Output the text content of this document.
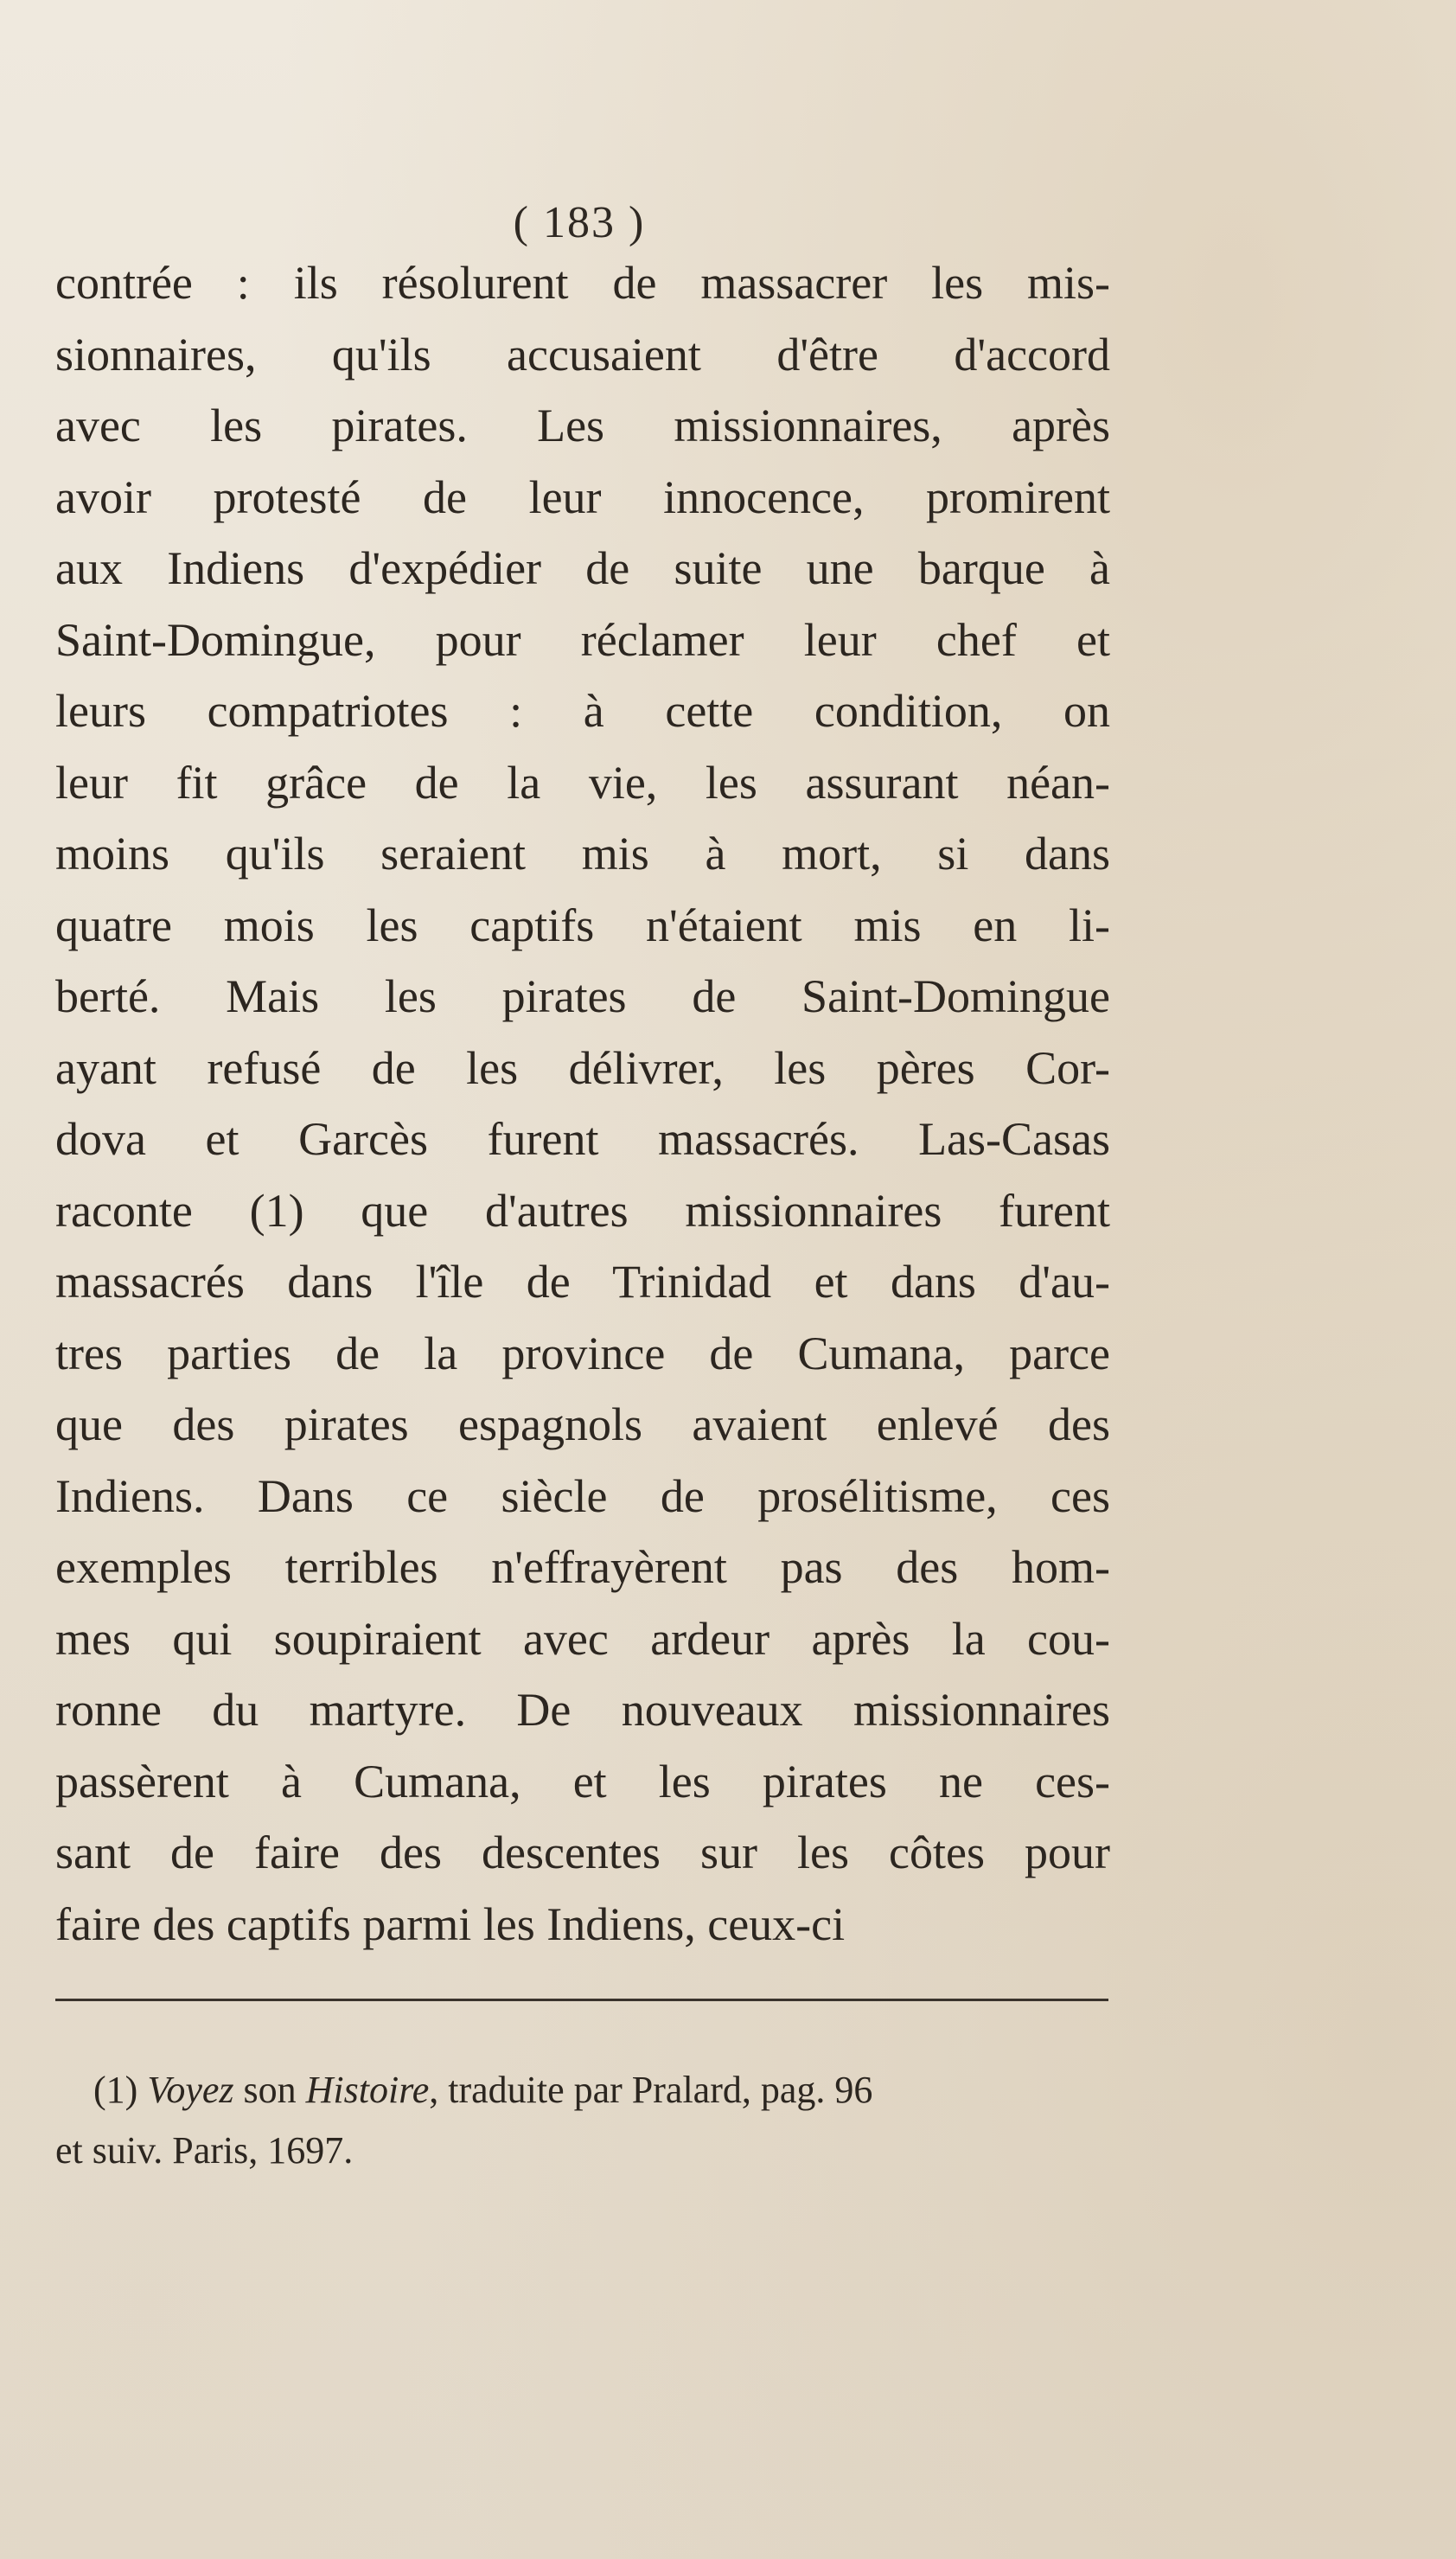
( 183 )
contrée : ils résolurent de massacrer les mis-
sionnaires, qu'ils accusaient d'être d'accord
avec les pirates. Les missionnaires, après
avoir protesté de leur innocence, promirent
aux Indiens d'expédier de suite une barque à
Saint-Domingue, pour réclamer leur chef et
leurs compatriotes : à cette condition, on
leur fit grâce de la vie, les assurant néan-
moins qu'ils seraient mis à mort, si dans
quatre mois les captifs n'étaient mis en li-
berté. Mais les pirates de Saint-Domingue
ayant refusé de les délivrer, les pères Cor-
dova et Garcès furent massacrés. Las-Casas
raconte (1) que d'autres missionnaires furent
massacrés dans l'île de Trinidad et dans d'au-
tres parties de la province de Cumana, parce
que des pirates espagnols avaient enlevé des
Indiens. Dans ce siècle de prosélitisme, ces
exemples terribles n'effrayèrent pas des hom-
mes qui soupiraient avec ardeur après la cou-
ronne du martyre. De nouveaux missionnaires
passèrent à Cumana, et les pirates ne ces-
sant de faire des descentes sur les côtes pour
faire des captifs parmi les Indiens, ceux-ci
(1) Voyez son Histoire, traduite par Pralard, pag. 96
et suiv. Paris, 1697.
